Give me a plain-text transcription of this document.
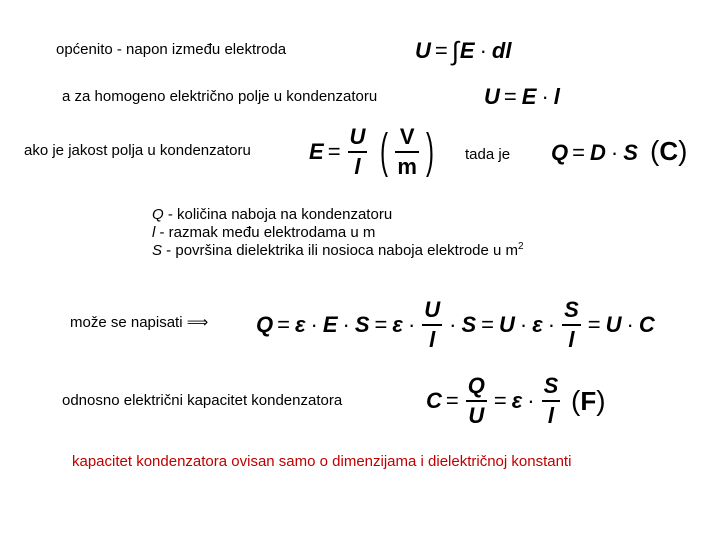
općenito - napon između elektroda	U = ∫ E · dl
a za homogeno električno polje u kondenzatoru	U = E · l
ako je jakost polja u kondenzatoru	$E = \frac{U}{l}$ ( $\frac{V}{m}$ ) tada je Q = D · S ( C )
Q - količina naboja na kondenzatoru
l - razmak među elektrodama u m
S - površina dielektrika ili nosioca naboja elektrode u $m^2$
može se napisati ⟹ $Q = \varepsilon \cdot E \cdot S = \varepsilon \cdot \frac{U}{l} \cdot S = U \cdot \varepsilon \cdot \frac{S}{l} = U \cdot C$
odnosno električni kapacitet kondenzatora	$C = \frac{Q}{U} = \varepsilon \cdot \frac{S}{l}$ ( F )
kapacitet kondenzatora ovisan samo o dimenzijama i dielektričnoj konstanti
